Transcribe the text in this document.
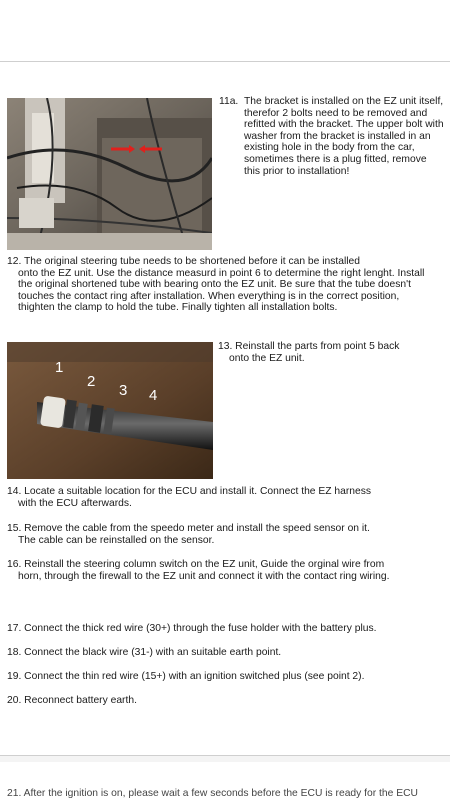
11a. The bracket is installed on the EZ unit itself, therefor 2 bolts need to be removed and refitted with the bracket. The upper bolt with washer from the bracket is installed in an existing hole in the body from the car, sometimes there is a plug fitted, remove this prior to installation!
12. The original steering tube needs to be shortened before it can be installed
onto the EZ unit. Use the distance measurd in point 6 to determine the right lenght. Install the original shortened tube with bearing onto the EZ unit. Be sure that the tube doesn't touches the contact ring after installation. When everything is in the correct position, thighten the clamp to hold the tube. Finally tighten all installation bolts.
1
2
3 4
13. Reinstall the parts from point 5 back
onto the EZ unit.
14. Locate a suitable location for the ECU and install it. Connect the EZ harness
with the ECU afterwards.
15. Remove the cable from the speedo meter and install the speed sensor on it.
The cable can be reinstalled on the sensor.
16. Reinstall the steering column switch on the EZ unit, Guide the orginal wire from
horn, through the firewall to the EZ unit and connect it with the contact ring wiring.
17. Connect the thick red wire (30+) through the fuse holder with the battery plus.
18. Connect the black wire (31-) with an suitable earth point.
19. Connect the thin red wire (15+) with an ignition switched plus (see point 2).
20. Reconnect battery earth.
21. After the ignition is on, please wait a few seconds before the ECU is ready for the ECU
